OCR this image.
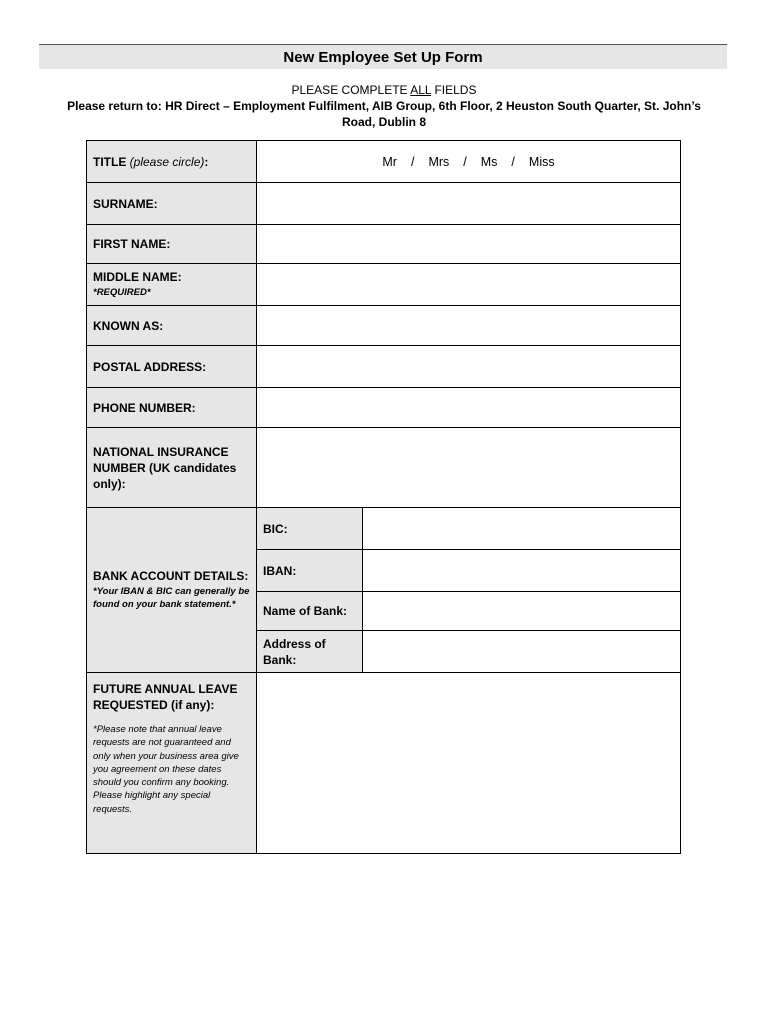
New Employee Set Up Form
PLEASE COMPLETE ALL FIELDS
Please return to: HR Direct – Employment Fulfilment, AIB Group, 6th Floor, 2 Heuston South Quarter, St. John’s Road, Dublin 8
TITLE (please circle):	Mr / Mrs / Ms / Miss
SURNAME:
FIRST NAME:
MIDDLE NAME:
*REQUIRED*
KNOWN AS:
POSTAL ADDRESS:
PHONE NUMBER:
NATIONAL INSURANCE NUMBER (UK candidates only):
BANK ACCOUNT DETAILS:
*Your IBAN & BIC can generally be found on your bank statement.*
BIC:
IBAN:
Name of Bank:
Address of Bank:
FUTURE ANNUAL LEAVE REQUESTED (if any):
*Please note that annual leave requests are not guaranteed and only when your business area give you agreement on these dates should you confirm any booking. Please highlight any special requests.
